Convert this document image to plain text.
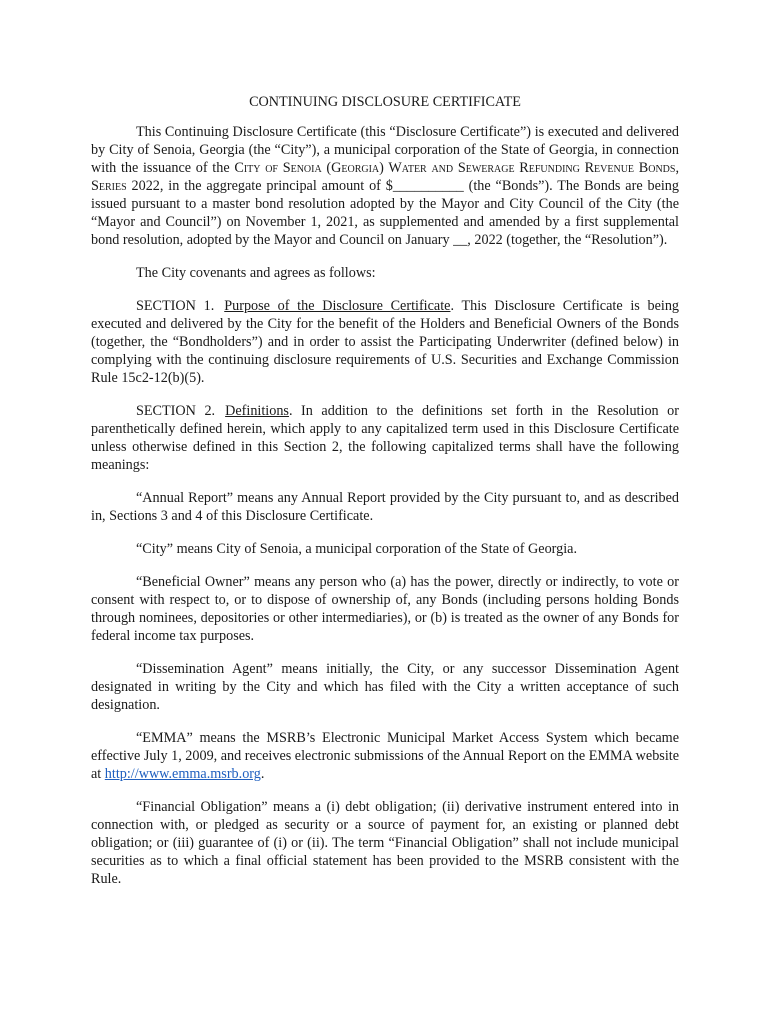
CONTINUING DISCLOSURE CERTIFICATE

This Continuing Disclosure Certificate (this “Disclosure Certificate”) is executed and delivered by City of Senoia, Georgia (the “City”), a municipal corporation of the State of Georgia, in connection with the issuance of the City of Senoia (Georgia) Water and Sewerage Refunding Revenue Bonds, Series 2022, in the aggregate principal amount of $__________ (the “Bonds”). The Bonds are being issued pursuant to a master bond resolution adopted by the Mayor and City Council of the City (the “Mayor and Council”) on November 1, 2021, as supplemented and amended by a first supplemental bond resolution, adopted by the Mayor and Council on January __, 2022 (together, the “Resolution”).

The City covenants and agrees as follows:

SECTION 1. Purpose of the Disclosure Certificate. This Disclosure Certificate is being executed and delivered by the City for the benefit of the Holders and Beneficial Owners of the Bonds (together, the “Bondholders”) and in order to assist the Participating Underwriter (defined below) in complying with the continuing disclosure requirements of U.S. Securities and Exchange Commission Rule 15c2-12(b)(5).

SECTION 2. Definitions. In addition to the definitions set forth in the Resolution or parenthetically defined herein, which apply to any capitalized term used in this Disclosure Certificate unless otherwise defined in this Section 2, the following capitalized terms shall have the following meanings:

“Annual Report” means any Annual Report provided by the City pursuant to, and as described in, Sections 3 and 4 of this Disclosure Certificate.

“City” means City of Senoia, a municipal corporation of the State of Georgia.

“Beneficial Owner” means any person who (a) has the power, directly or indirectly, to vote or consent with respect to, or to dispose of ownership of, any Bonds (including persons holding Bonds through nominees, depositories or other intermediaries), or (b) is treated as the owner of any Bonds for federal income tax purposes.

“Dissemination Agent” means initially, the City, or any successor Dissemination Agent designated in writing by the City and which has filed with the City a written acceptance of such designation.

“EMMA” means the MSRB’s Electronic Municipal Market Access System which became effective July 1, 2009, and receives electronic submissions of the Annual Report on the EMMA website at http://www.emma.msrb.org.

“Financial Obligation” means a (i) debt obligation; (ii) derivative instrument entered into in connection with, or pledged as security or a source of payment for, an existing or planned debt obligation; or (iii) guarantee of (i) or (ii). The term “Financial Obligation” shall not include municipal securities as to which a final official statement has been provided to the MSRB consistent with the Rule.
